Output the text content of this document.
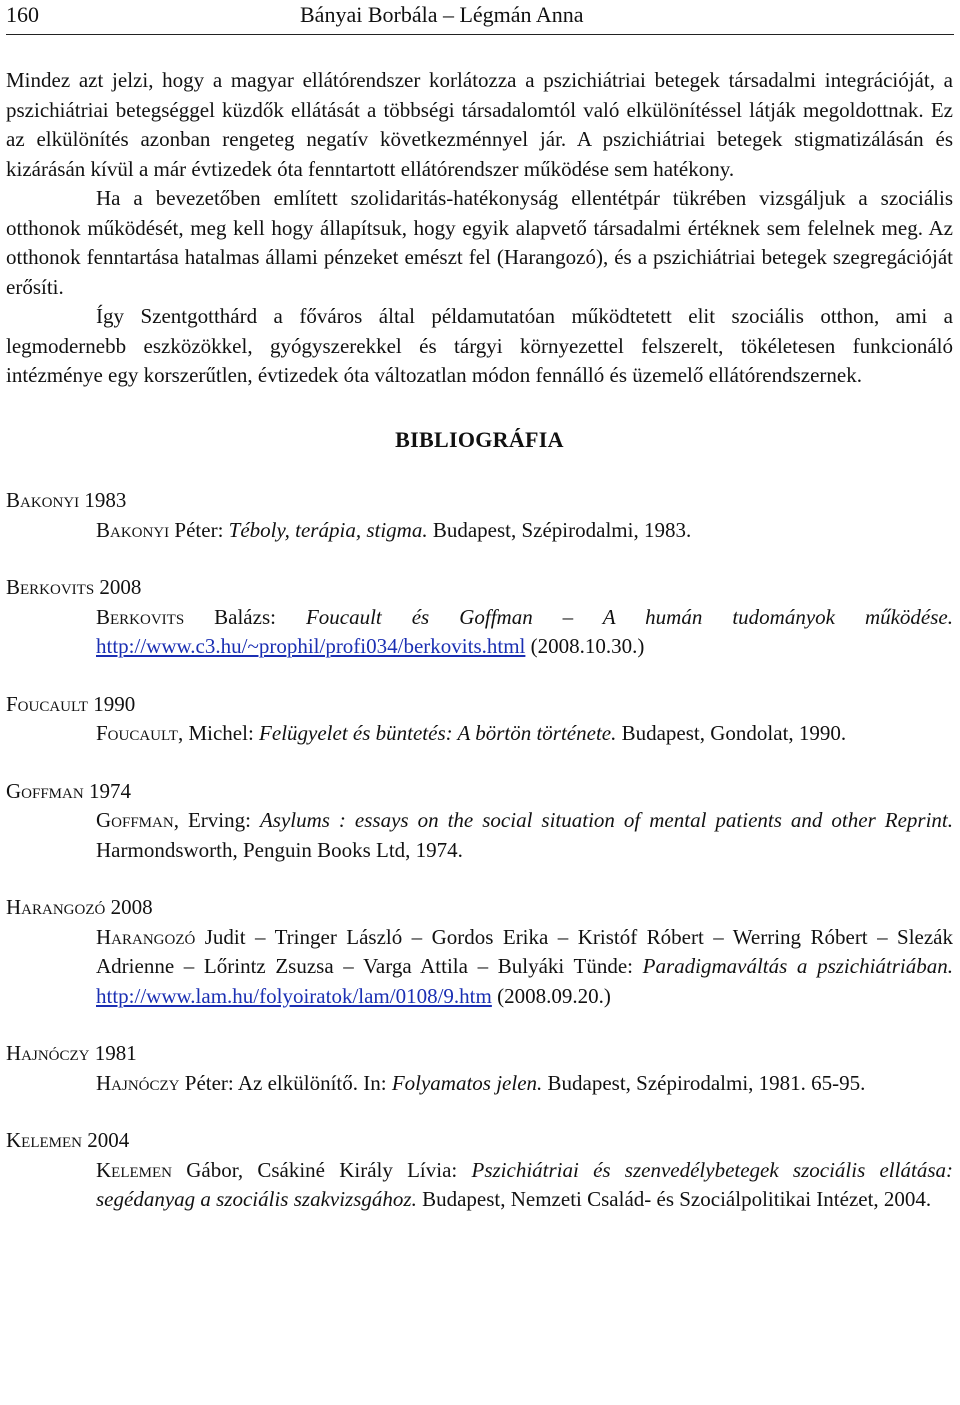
160	Bányai Borbála – Légmán Anna

Mindez azt jelzi, hogy a magyar ellátórendszer korlátozza a pszichiátriai betegek társadalmi integrációját, a pszichiátriai betegséggel küzdők ellátását a többségi társadalomtól való elkülönítéssel látják megoldottnak. Ez az elkülönítés azonban rengeteg negatív következménnyel jár. A pszichiátriai betegek stigmatizálásán és kizárásán kívül a már évtizedek óta fenntartott ellátórendszer működése sem hatékony.

Ha a bevezetőben említett szolidaritás-hatékonyság ellentétpár tükrében vizsgáljuk a szociális otthonok működését, meg kell hogy állapítsuk, hogy egyik alapvető társadalmi értéknek sem felelnek meg. Az otthonok fenntartása hatalmas állami pénzeket emészt fel (Harangozó), és a pszichiátriai betegek szegregációját erősíti.

Így Szentgotthárd a főváros által példamutatóan működtetett elit szociális otthon, ami a legmodernebb eszközökkel, gyógyszerekkel és tárgyi környezettel felszerelt, tökéletesen funkcionáló intézménye egy korszerűtlen, évtizedek óta változatlan módon fennálló és üzemelő ellátórendszernek.

BIBLIOGRÁFIA
Bakonyi 1983
Bakonyi Péter: Téboly, terápia, stigma. Budapest, Szépirodalmi, 1983.
Berkovits 2008
Berkovits Balázs: Foucault és Goffman – A humán tudományok működése. http://www.c3.hu/~prophil/profi034/berkovits.html (2008.10.30.)
Foucault 1990
Foucault, Michel: Felügyelet és büntetés: A börtön története. Budapest, Gondolat, 1990.
Goffman 1974
Goffman, Erving: Asylums : essays on the social situation of mental patients and other Reprint. Harmondsworth, Penguin Books Ltd, 1974.
Harangozó 2008
Harangozó Judit – Tringer László – Gordos Erika – Kristóf Róbert – Werring Róbert – Slezák Adrienne – Lőrintz Zsuzsa – Varga Attila – Bulyáki Tünde: Paradigmaváltás a pszichiátriában. http://www.lam.hu/folyoiratok/lam/0108/9.htm (2008.09.20.)
Hajnóczy 1981
Hajnóczy Péter: Az elkülönítő. In: Folyamatos jelen. Budapest, Szépirodalmi, 1981. 65-95.
Kelemen 2004
Kelemen Gábor, Csákiné Király Lívia: Pszichiátriai és szenvedélybetegek szociális ellátása: segédanyag a szociális szakvizsgához. Budapest, Nemzeti Család- és Szociálpolitikai Intézet, 2004.
